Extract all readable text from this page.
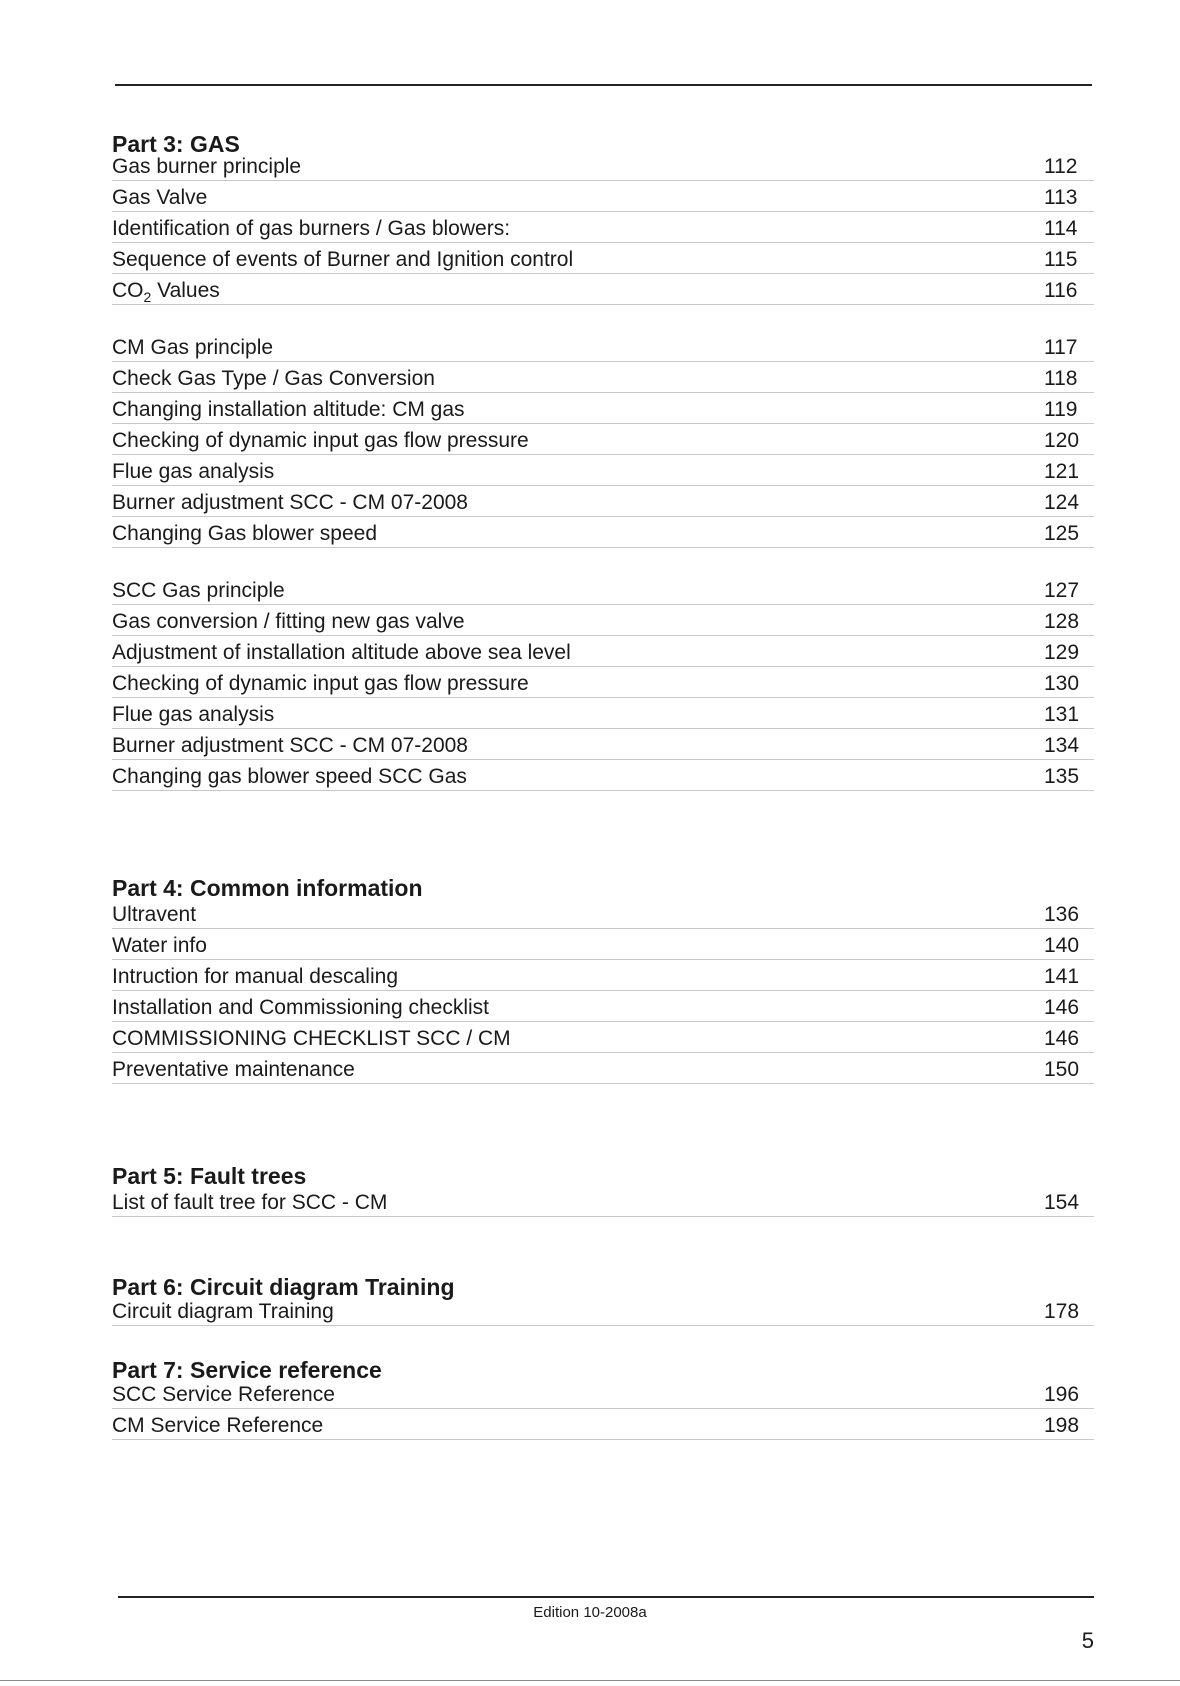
Part 3: GAS
Gas burner principle	112
Gas Valve	113
Identification of gas burners / Gas blowers:	114
Sequence of events of Burner and Ignition control	115
$CO_2$ Values	116
CM Gas principle	117
Check Gas Type / Gas Conversion	118
Changing installation altitude: CM gas	119
Checking of dynamic input gas flow pressure	120
Flue gas analysis	121
Burner adjustment SCC - CM 07-2008	124
Changing Gas blower speed	125
SCC Gas principle	127
Gas conversion / fitting new gas valve	128
Adjustment of installation altitude above sea level	129
Checking of dynamic input gas flow pressure	130
Flue gas analysis	131
Burner adjustment SCC - CM 07-2008	134
Changing gas blower speed SCC Gas	135
Part 4: Common information
Ultravent	136
Water info	140
Intruction for manual descaling	141
Installation and Commissioning checklist	146
COMMISSIONING CHECKLIST SCC / CM	146
Preventative maintenance	150
Part 5: Fault trees
List of fault tree for SCC - CM	154
Part 6: Circuit diagram Training
Circuit diagram Training	178
Part 7: Service reference
SCC Service Reference	196
CM Service Reference	198
Edition 10-2008a
5
